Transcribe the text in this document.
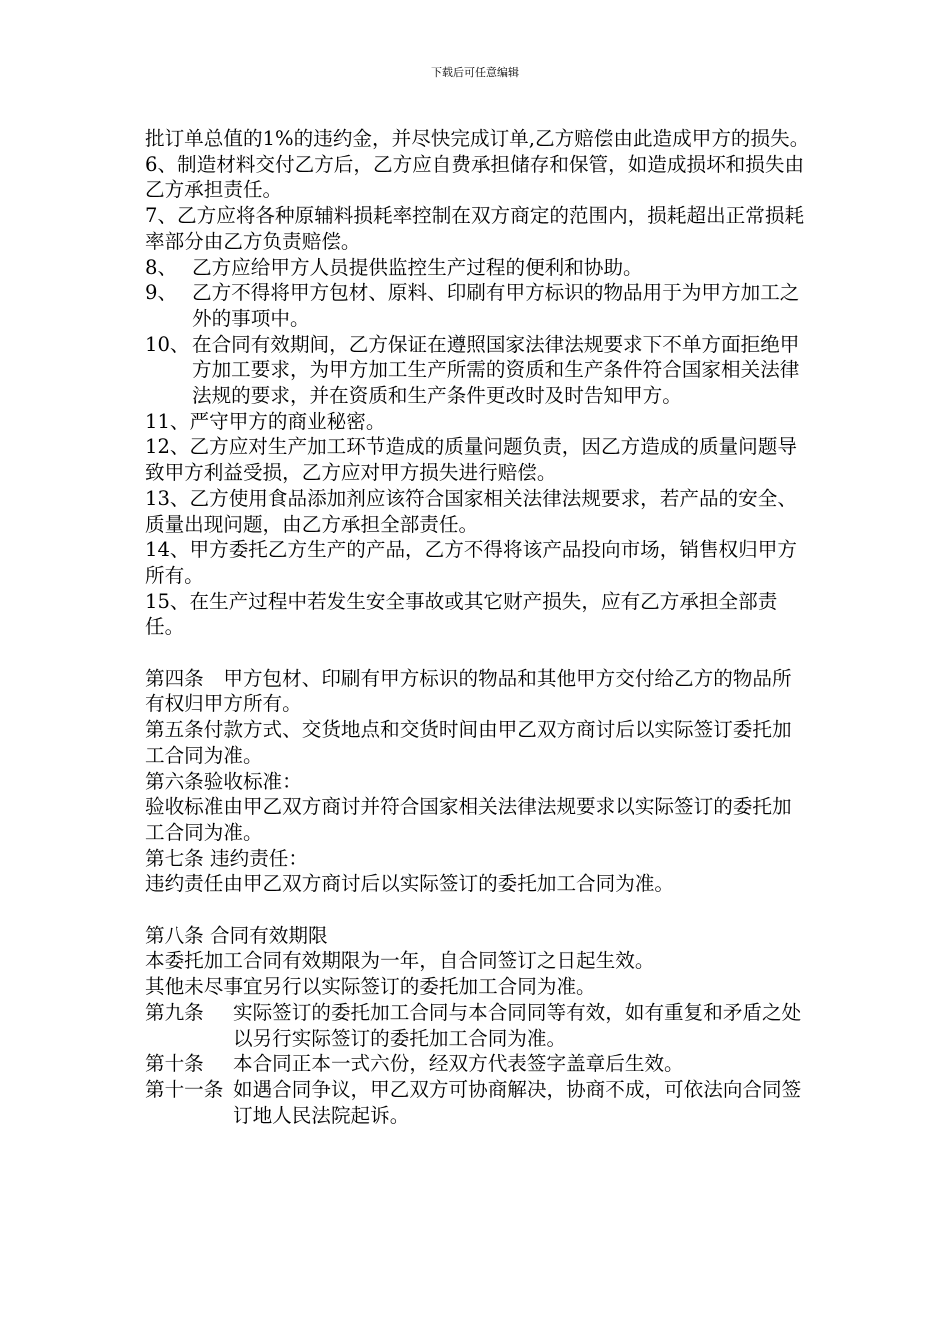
下载后可任意编辑

批订单总值的1%的违约金，并尽快完成订单,乙方赔偿由此造成甲方的损失。

6、制造材料交付乙方后，乙方应自费承担储存和保管，如造成损坏和损失由乙方承担责任。

7、乙方应将各种原辅料损耗率控制在双方商定的范围内，损耗超出正常损耗率部分由乙方负责赔偿。

8、 乙方应给甲方人员提供监控生产过程的便利和协助。
9、 乙方不得将甲方包材、原料、印刷有甲方标识的物品用于为甲方加工之外的事项中。
10、 在合同有效期间，乙方保证在遵照国家法律法规要求下不单方面拒绝甲方加工要求，为甲方加工生产所需的资质和生产条件符合国家相关法律法规的要求，并在资质和生产条件更改时及时告知甲方。

11、严守甲方的商业秘密。

12、乙方应对生产加工环节造成的质量问题负责，因乙方造成的质量问题导致甲方利益受损，乙方应对甲方损失进行赔偿。

13、乙方使用食品添加剂应该符合国家相关法律法规要求，若产品的安全、质量出现问题，由乙方承担全部责任。

14、甲方委托乙方生产的产品，乙方不得将该产品投向市场，销售权归甲方所有。

15、在生产过程中若发生安全事故或其它财产损失，应有乙方承担全部责任。

第四条　甲方包材、印刷有甲方标识的物品和其他甲方交付给乙方的物品所有权归甲方所有。

第五条付款方式、交货地点和交货时间由甲乙双方商讨后以实际签订委托加工合同为准。

第六条验收标准：

验收标准由甲乙双方商讨并符合国家相关法律法规要求以实际签订的委托加工合同为准。

第七条 违约责任：

违约责任由甲乙双方商讨后以实际签订的委托加工合同为准。

第八条 合同有效期限

本委托加工合同有效期限为一年，自合同签订之日起生效。

其他未尽事宜另行以实际签订的委托加工合同为准。

第九条	实际签订的委托加工合同与本合同同等有效，如有重复和矛盾之处以另行实际签订的委托加工合同为准。
第十条	本合同正本一式六份，经双方代表签字盖章后生效。
第十一条 如遇合同争议，甲乙双方可协商解决，协商不成，可依法向合同签订地人民法院起诉。
